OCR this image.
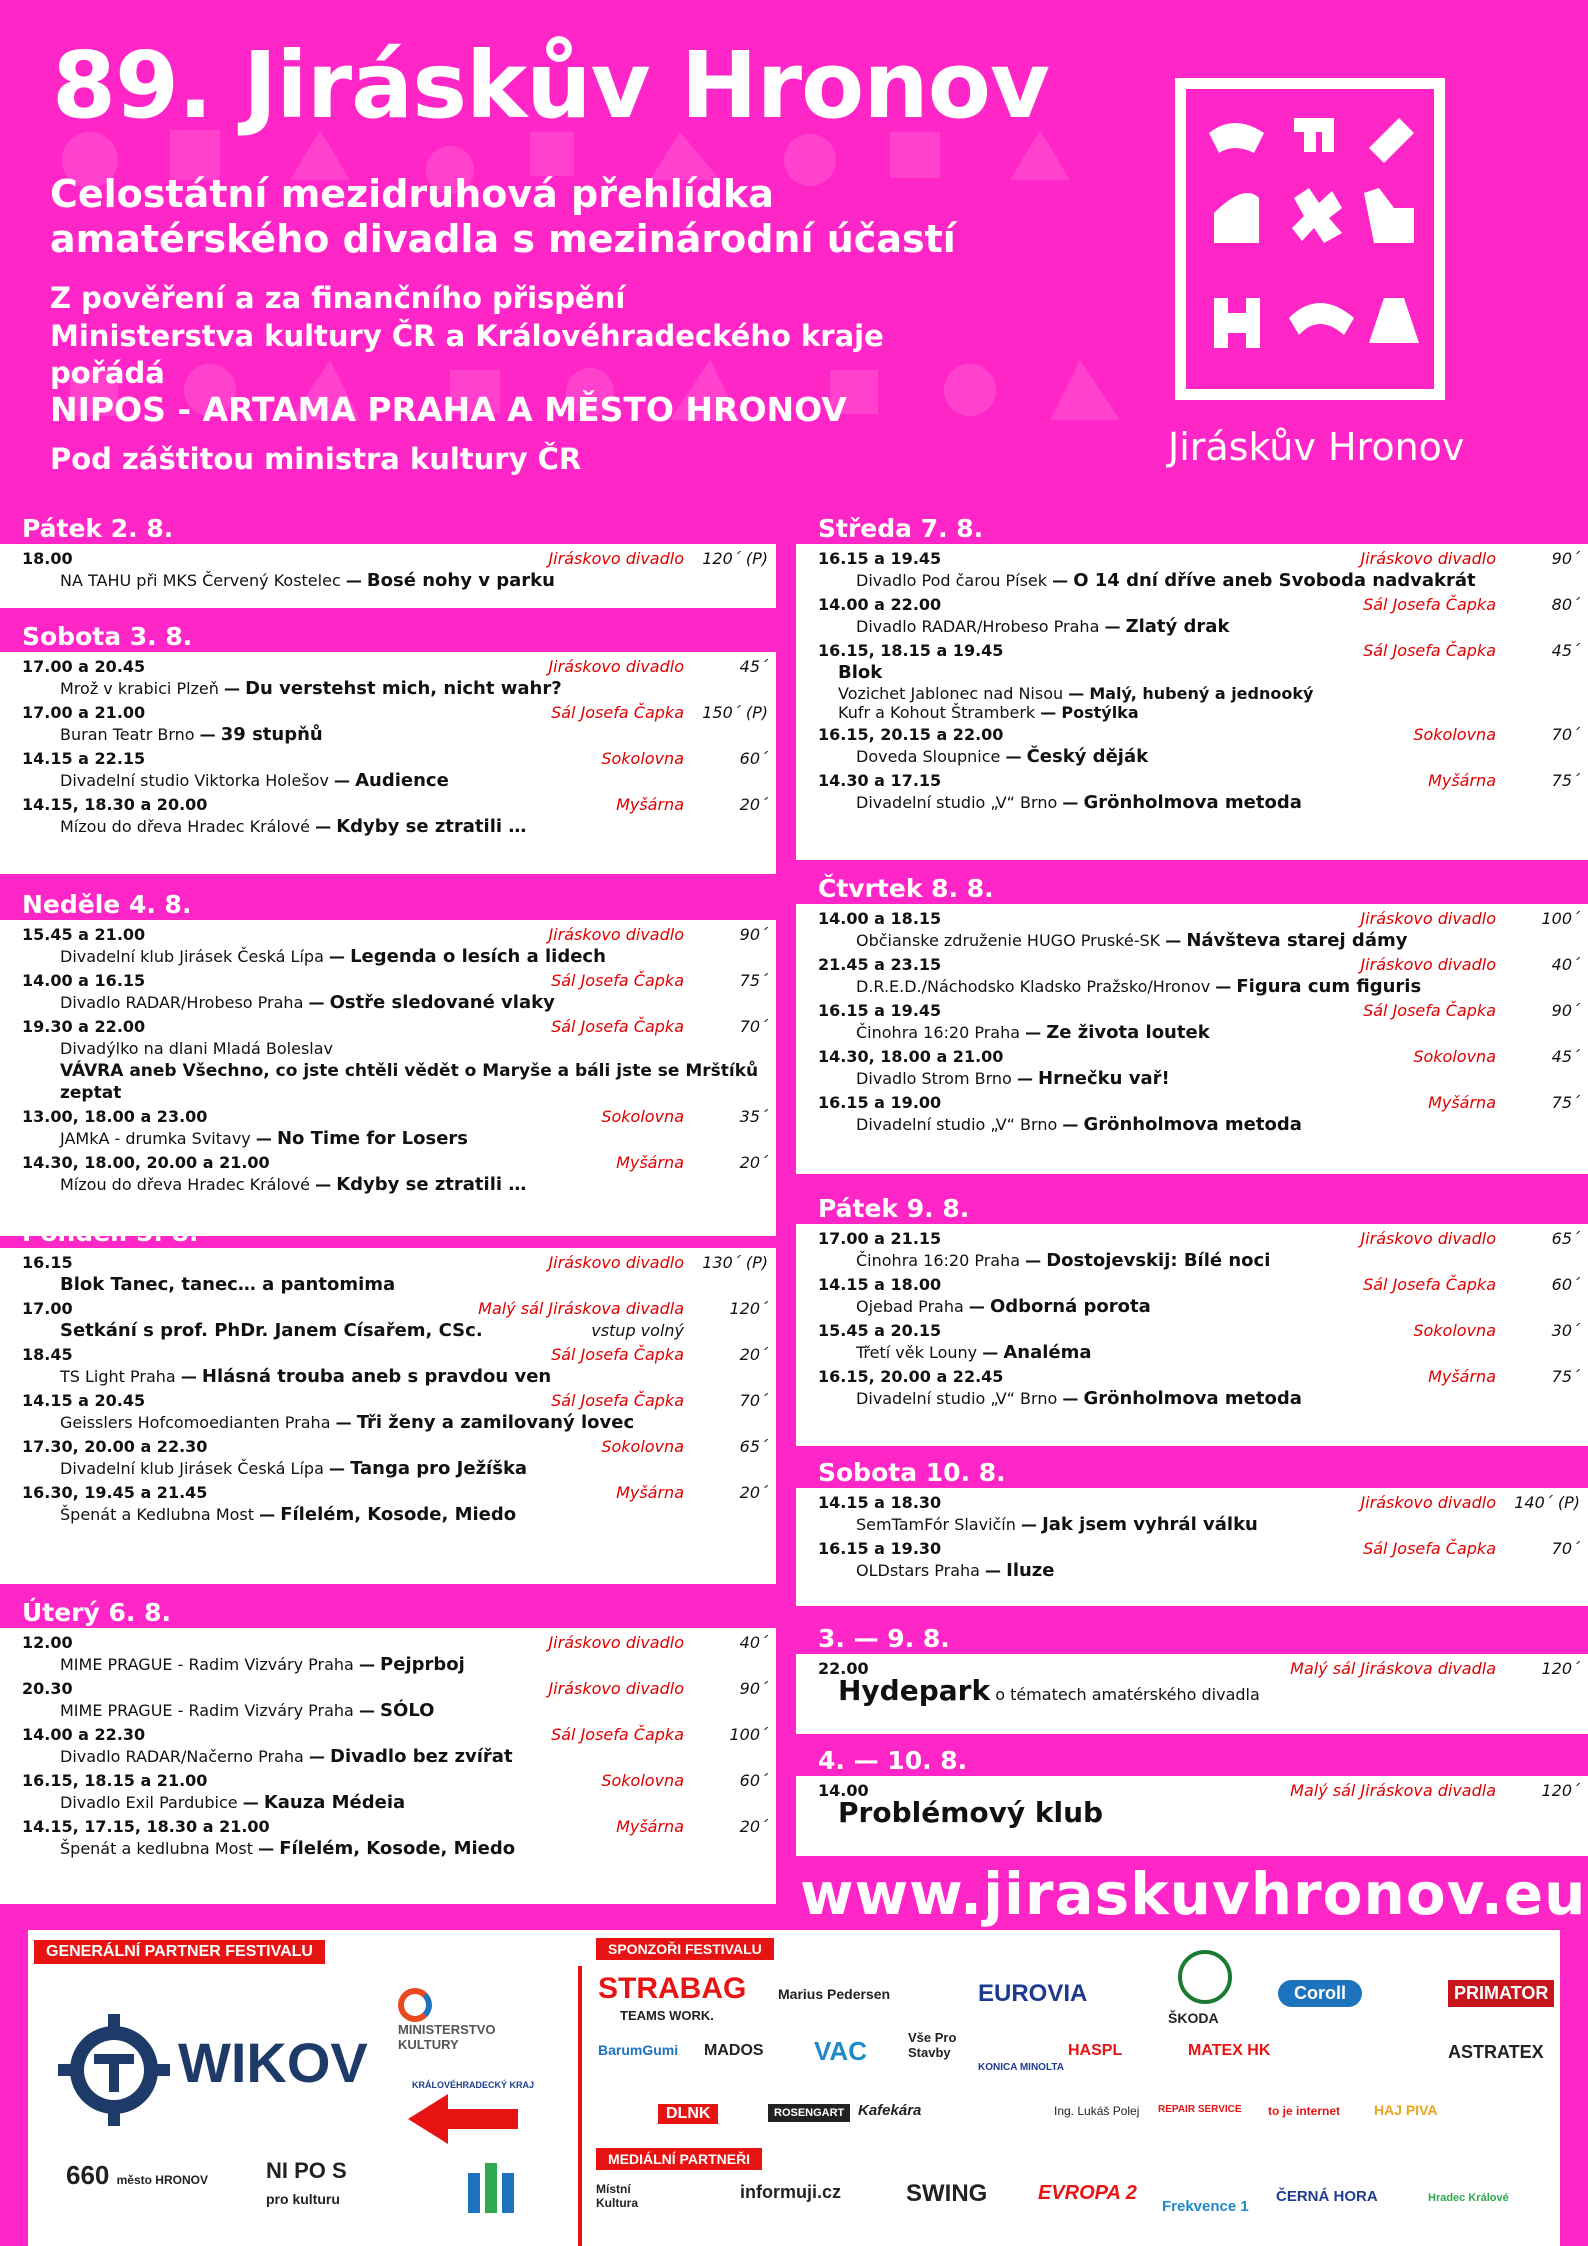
89. Jiráskův Hronov
Celostátní mezidruhová přehlídka
amatérského divadla s mezinárodní účastí
Z pověření a za finančního přispění
Ministerstva kultury ČR a Královéhradeckého kraje
pořádá
NIPOS - ARTAMA PRAHA A MĚSTO HRONOV
Pod záštitou ministra kultury ČR	Jiráskův Hronov
Pátek 2. 8.
18.00	Jiráskovo divadlo 120´ (P)
NA TAHU při MKS Červený Kostelec — Bosé nohy v parku
Sobota 3. 8.
17.00 a 20.45	Jiráskovo divadlo	45´
Mrož v krabici Plzeň — Du verstehst mich, nicht wahr?
17.00 a 21.00	Sál Josefa Čapka 150´ (P)
Buran Teatr Brno — 39 stupňů
14.15 a 22.15	Sokolovna	60´
Divadelní studio Viktorka Holešov — Audience
14.15, 18.30 a 20.00	Myšárna	20´
Mízou do dřeva Hradec Králové — Kdyby se ztratili …
Neděle 4. 8.
15.45 a 21.00	Jiráskovo divadlo	90´
Divadelní klub Jirásek Česká Lípa — Legenda o lesích a lidech
14.00 a 16.15	Sál Josefa Čapka	75´
Divadlo RADAR/Hrobeso Praha — Ostře sledované vlaky
19.30 a 22.00	Sál Josefa Čapka	70´
Divadýlko na dlani Mladá Boleslav
VÁVRA aneb Všechno, co jste chtěli vědět o Maryše a báli jste se Mrštíků zeptat
13.00, 18.00 a 23.00	Sokolovna	35´
JAMkA - drumka Svitavy — No Time for Losers
14.30, 18.00, 20.00 a 21.00	Myšárna	20´
Mízou do dřeva Hradec Králové — Kdyby se ztratili …
Pondělí 5. 8.
16.15	Jiráskovo divadlo 130´ (P)
Blok Tanec, tanec… a pantomima
17.00	Malý sál Jiráskova divadla	120´
Setkání s prof. PhDr. Janem Císařem, CSc.	vstup volný
18.45	Sál Josefa Čapka	20´
TS Light Praha — Hlásná trouba aneb s pravdou ven
14.15 a 20.45	Sál Josefa Čapka	70´
Geisslers Hofcomoedianten Praha — Tři ženy a zamilovaný lovec
17.30, 20.00 a 22.30	Sokolovna	65´
Divadelní klub Jirásek Česká Lípa — Tanga pro Ježíška
16.30, 19.45 a 21.45	Myšárna	20´
Špenát a Kedlubna Most — Fílelém, Kosode, Miedo
Úterý 6. 8.
12.00	Jiráskovo divadlo	40´
MIME PRAGUE - Radim Vizváry Praha — Pejprboj
20.30	Jiráskovo divadlo	90´
MIME PRAGUE - Radim Vizváry Praha — SÓLO
14.00 a 22.30	Sál Josefa Čapka	100´
Divadlo RADAR/Načerno Praha — Divadlo bez zvířat
16.15, 18.15 a 21.00	Sokolovna	60´
Divadlo Exil Pardubice — Kauza Médeia
14.15, 17.15, 18.30 a 21.00	Myšárna	20´
Špenát a kedlubna Most — Fílelém, Kosode, Miedo
Středa 7. 8.
16.15 a 19.45	Jiráskovo divadlo	90´
Divadlo Pod čarou Písek — O 14 dní dříve aneb Svoboda nadvakrát
14.00 a 22.00	Sál Josefa Čapka	80´
Divadlo RADAR/Hrobeso Praha — Zlatý drak
16.15, 18.15 a 19.45	Sál Josefa Čapka	45´
Blok
Vozichet Jablonec nad Nisou — Malý, hubený a jednooký
Kufr a Kohout Štramberk — Postýlka
16.15, 20.15 a 22.00	Sokolovna	70´
Doveda Sloupnice — Český děják
14.30 a 17.15	Myšárna	75´
Divadelní studio „V“ Brno — Grönholmova metoda
Čtvrtek 8. 8.
14.00 a 18.15	Jiráskovo divadlo	100´
Občianske združenie HUGO Pruské-SK — Návšteva starej dámy
21.45 a 23.15	Jiráskovo divadlo	40´
D.R.E.D./Náchodsko Kladsko Pražsko/Hronov — Figura cum figuris
16.15 a 19.45	Sál Josefa Čapka	90´
Činohra 16:20 Praha — Ze života loutek
14.30, 18.00 a 21.00	Sokolovna	45´
Divadlo Strom Brno — Hrnečku vař!
16.15 a 19.00	Myšárna	75´
Divadelní studio „V“ Brno — Grönholmova metoda
Pátek 9. 8.
17.00 a 21.15	Jiráskovo divadlo	65´
Činohra 16:20 Praha — Dostojevskij: Bílé noci
14.15 a 18.00	Sál Josefa Čapka	60´
Ojebad Praha — Odborná porota
15.45 a 20.15	Sokolovna	30´
Třetí věk Louny — Analéma
16.15, 20.00 a 22.45	Myšárna	75´
Divadelní studio „V“ Brno — Grönholmova metoda
Sobota 10. 8.
14.15 a 18.30	Jiráskovo divadlo 140´ (P)
SemTamFór Slavičín — Jak jsem vyhrál válku
16.15 a 19.30	Sál Josefa Čapka	70´
OLDstars Praha — Iluze
3. — 9. 8.
22.00	Malý sál Jiráskova divadla	120´
Hydepark o tématech amatérského divadla
4. — 10. 8.
14.00	Malý sál Jiráskova divadla	120´
Problémový klub
www.jiraskuvhronov.eu
GENERÁLNÍ PARTNER FESTIVALU	SPONZOŘI FESTIVALU
MEDIÁLNÍ PARTNEŘI
WIKOV
MINISTERSTVO KULTURY
KRÁLOVÉHRADECKÝ KRAJ
660 město HRONOV	NI PO S
pro kulturu
STRABAG
TEAMS WORK.
Marius Pedersen	EUROVIA
ŠKODA
Coroll	PRIMATOR
BarumGumi MADOS VAC	Vše Pro Stavby
KONICA MINOLTA
HASPL	MATEX HK	ASTRATEX
DLNK	ROSENGART Kafekára	Ing. Lukáš Polej REPAIR SERVICE to je internet HAJ PIVA
Místní Kultura
informuji.cz	SWING	EVROPA 2
Frekvence 1
ČERNÁ HORA	Hradec Králové
